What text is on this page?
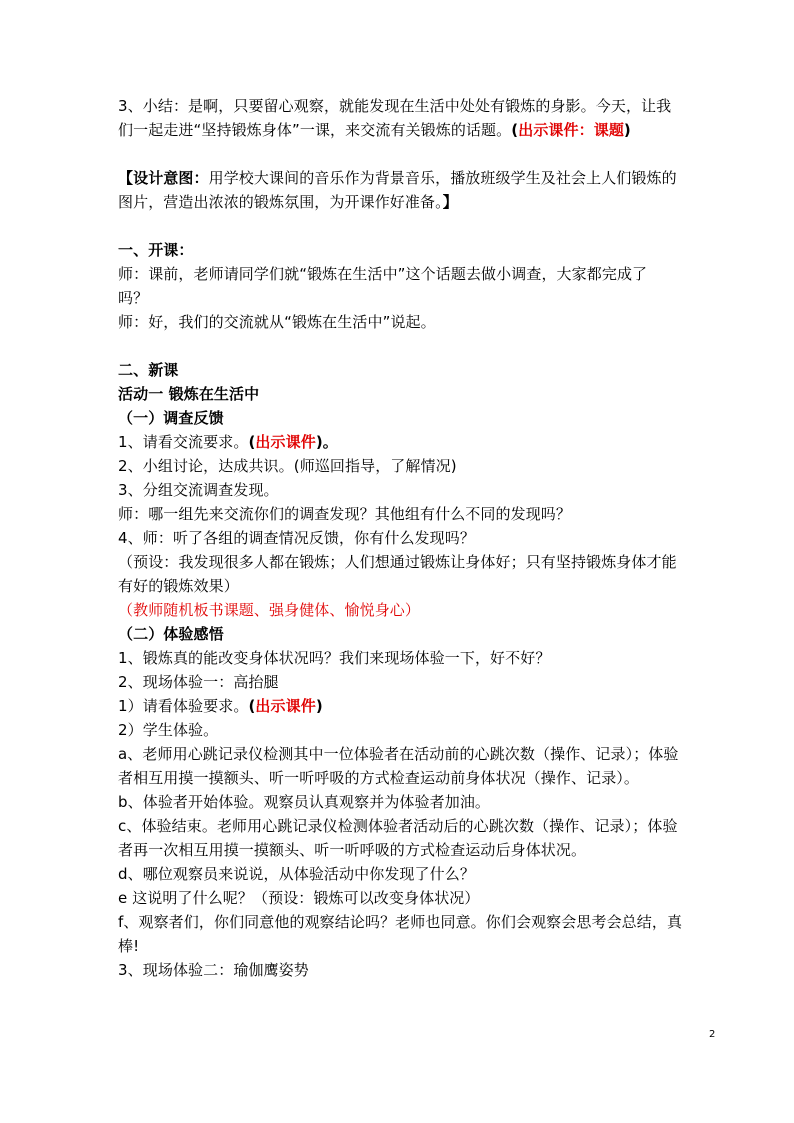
3、小结：是啊，只要留心观察，就能发现在生活中处处有锻炼的身影。今天，让我
们一起走进“坚持锻炼身体”一课，来交流有关锻炼的话题。(出示课件：课题)
【设计意图：用学校大课间的音乐作为背景音乐，播放班级学生及社会上人们锻炼的
图片，营造出浓浓的锻炼氛围，为开课作好准备。】
一、开课：
师：课前，老师请同学们就“锻炼在生活中”这个话题去做小调查，大家都完成了
吗？
师：好，我们的交流就从“锻炼在生活中”说起。
二、新课
活动一 锻炼在生活中
（一）调查反馈
1、请看交流要求。(出示课件)。
2、小组讨论，达成共识。(师巡回指导，了解情况)
3、分组交流调查发现。
师：哪一组先来交流你们的调查发现？其他组有什么不同的发现吗？
4、师：听了各组的调查情况反馈，你有什么发现吗？
（预设：我发现很多人都在锻炼；人们想通过锻炼让身体好；只有坚持锻炼身体才能
有好的锻炼效果）
（教师随机板书课题、强身健体、愉悦身心）
（二）体验感悟
1、锻炼真的能改变身体状况吗？我们来现场体验一下，好不好？
2、现场体验一：高抬腿
1）请看体验要求。(出示课件)
2）学生体验。
a、老师用心跳记录仪检测其中一位体验者在活动前的心跳次数（操作、记录）；体验
者相互用摸一摸额头、听一听呼吸的方式检查运动前身体状况（操作、记录）。
b、体验者开始体验。观察员认真观察并为体验者加油。
c、体验结束。老师用心跳记录仪检测体验者活动后的心跳次数（操作、记录）；体验
者再一次相互用摸一摸额头、听一听呼吸的方式检查运动后身体状况。
d、哪位观察员来说说，从体验活动中你发现了什么？
e 这说明了什么呢？（预设：锻炼可以改变身体状况）
f、观察者们，你们同意他的观察结论吗？老师也同意。你们会观察会思考会总结，真
棒!
3、现场体验二：瑜伽鹰姿势
2
